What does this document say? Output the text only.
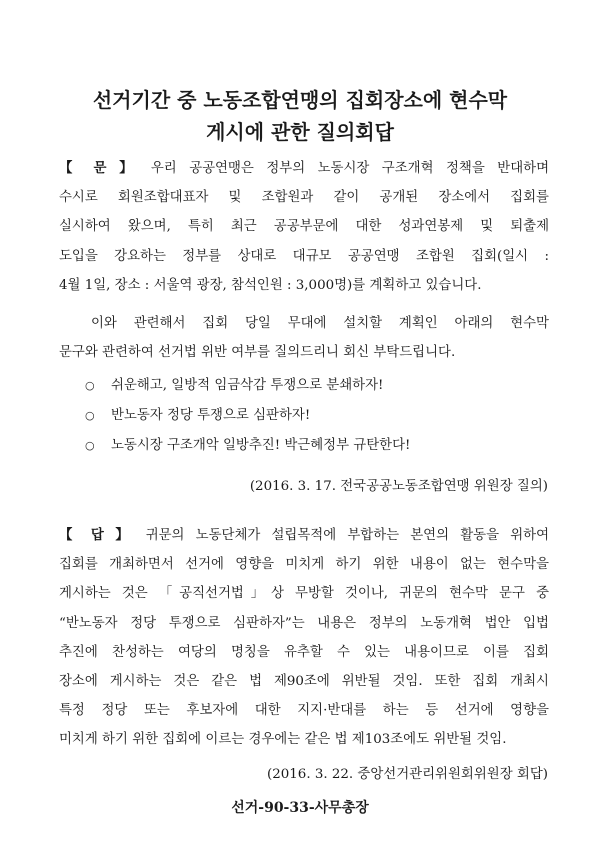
선거기간 중 노동조합연맹의 집회장소에 현수막
게시에 관한 질의회답
【 문 】 우리 공공연맹은 정부의 노동시장 구조개혁 정책을 반대하며
수시로 회원조합대표자 및 조합원과 같이 공개된 장소에서 집회를
실시하여 왔으며, 특히 최근 공공부문에 대한 성과연봉제 및 퇴출제
도입을 강요하는 정부를 상대로 대규모 공공연맹 조합원 집회(일시 :
4월 1일, 장소 : 서울역 광장, 참석인원 : 3,000명)를 계획하고 있습니다.
이와 관련해서 집회 당일 무대에 설치할 계획인 아래의 현수막
문구와 관련하여 선거법 위반 여부를 질의드리니 회신 부탁드립니다.
○ 쉬운해고, 일방적 임금삭감 투쟁으로 분쇄하자!
○ 반노동자 정당 투쟁으로 심판하자!
○ 노동시장 구조개악 일방추진! 박근혜정부 규탄한다!
(2016. 3. 17. 전국공공노동조합연맹 위원장 질의)
【 답 】 귀문의 노동단체가 설립목적에 부합하는 본연의 활동을 위하여
집회를 개최하면서 선거에 영향을 미치게 하기 위한 내용이 없는 현수막을
게시하는 것은 「공직선거법」상 무방할 것이나, 귀문의 현수막 문구 중
“반노동자 정당 투쟁으로 심판하자”는 내용은 정부의 노동개혁 법안 입법
추진에 찬성하는 여당의 명칭을 유추할 수 있는 내용이므로 이를 집회
장소에 게시하는 것은 같은 법 제90조에 위반될 것임. 또한 집회 개최시
특정 정당 또는 후보자에 대한 지지·반대를 하는 등 선거에 영향을
미치게 하기 위한 집회에 이르는 경우에는 같은 법 제103조에도 위반될 것임.
(2016. 3. 22. 중앙선거관리위원회위원장 회답)
선거-90-33-사무총장
